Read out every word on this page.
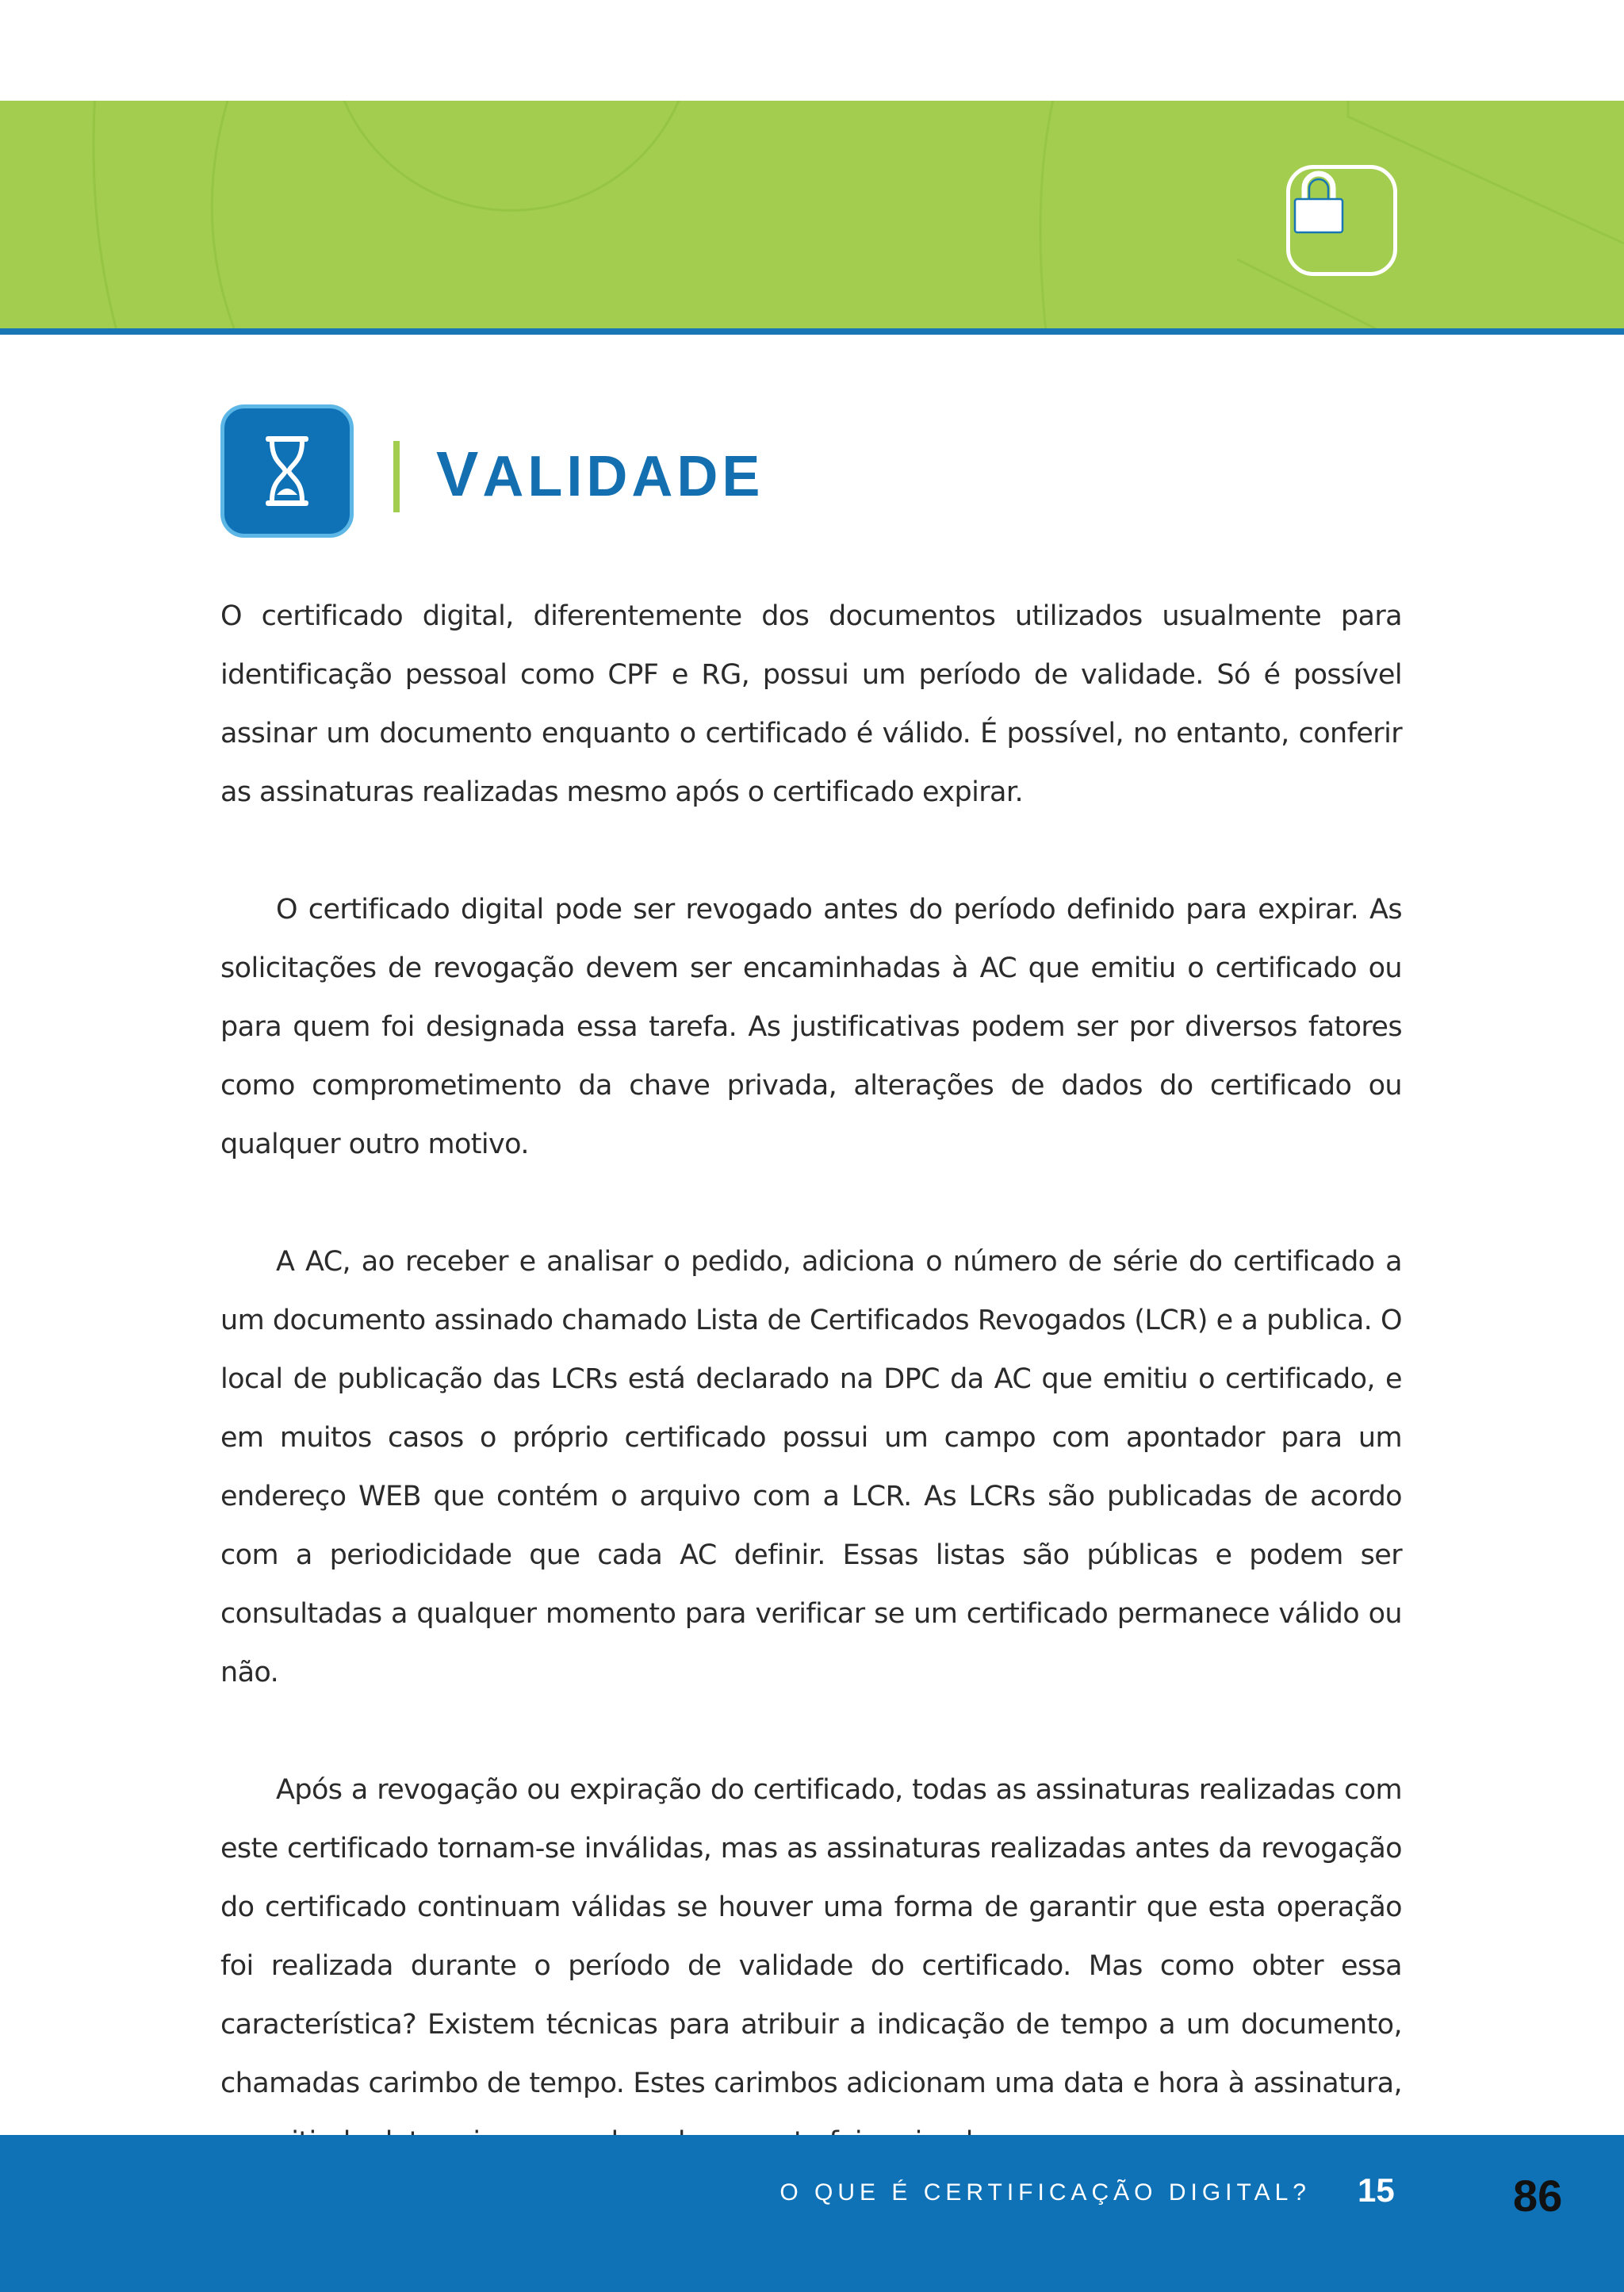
VALIDADE

O certificado digital, diferentemente dos documentos utilizados usualmente para identificação pessoal como CPF e RG, possui um período de validade. Só é possível assinar um documento enquanto o certificado é válido. É possível, no entanto, conferir as assinaturas realizadas mesmo após o certificado expirar.

O certificado digital pode ser revogado antes do período definido para expirar. As solicitações de revogação devem ser encaminhadas à AC que emitiu o certificado ou para quem foi designada essa tarefa. As justificativas podem ser por diversos fatores como comprometimento da chave privada, alterações de dados do certificado ou qualquer outro motivo.

A AC, ao receber e analisar o pedido, adiciona o número de série do certificado a um documento assinado chamado Lista de Certificados Revogados (LCR) e a publica. O local de publicação das LCRs está declarado na DPC da AC que emitiu o certificado, e em muitos casos o próprio certificado possui um campo com apontador para um endereço WEB que contém o arquivo com a LCR. As LCRs são publicadas de acordo com a periodicidade que cada AC definir. Essas listas são públicas e podem ser consultadas a qualquer momento para verificar se um certificado permanece válido ou não.

Após a revogação ou expiração do certificado, todas as assinaturas realizadas com este certificado tornam-se inválidas, mas as assinaturas realizadas antes da revogação do certificado continuam válidas se houver uma forma de garantir que esta operação foi realizada durante o período de validade do certificado. Mas como obter essa característica? Existem técnicas para atribuir a indicação de tempo a um documento, chamadas carimbo de tempo. Estes carimbos adicionam uma data e hora à assinatura,

O QUE É CERTIFICAÇÃO DIGITAL? 15	86
